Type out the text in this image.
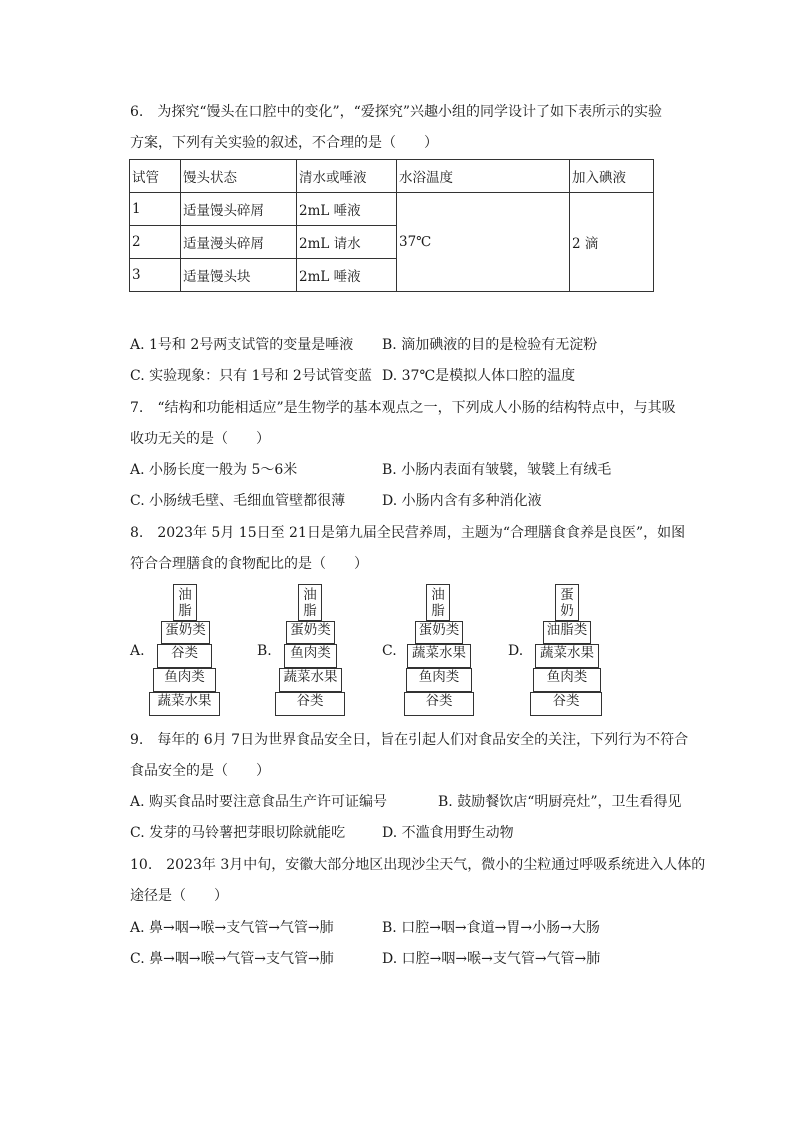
6.　为探究“馒头在口腔中的变化”，“爱探究”兴趣小组的同学设计了如下表所示的实验
方案，下列有关实验的叙述，不合理的是（　　）
试管	馒头状态	清水或唾液	水浴温度	加入碘液
1	适量馒头碎屑	2mL 唾液	37℃	2 滴
2	适量漫头碎屑	2mL 请水		
3	适量馒头块	2mL 唾液		
A. 1号和 2号两支试管的变量是唾液 B. 滴加碘液的目的是检验有无淀粉
C. 实验现象：只有 1号和 2号试管变蓝 D. 37℃是模拟人体口腔的温度
7.　“结构和功能相适应”是生物学的基本观点之一，下列成人小肠的结构特点中，与其吸
收功无关的是（　　）
A. 小肠长度一般为 5～6米	B. 小肠内表面有皱襞，皱襞上有绒毛
C. 小肠绒毛壁、毛细血管壁都很薄	D. 小肠内含有多种消化液
8.　2023年 5月 15日至 21日是第九届全民营养周，主题为“合理膳食食养是良医”，如图
符合合理膳食的食物配比的是（　　）
A.
油
脂
蛋奶类
谷类
鱼肉类
蔬菜水果
B.
油
脂
蛋奶类
鱼肉类
蔬菜水果
谷类
C.
油
脂
蛋奶类
蔬菜水果
鱼肉类
谷类
D.
蛋
奶
油脂类
蔬菜水果
鱼肉类
谷类
9.　每年的 6月 7日为世界食品安全日，旨在引起人们对食品安全的关注，下列行为不符合
食品安全的是（　　）
A. 购买食品时要注意食品生产许可证编号	B. 鼓励餐饮店“明厨亮灶”，卫生看得见
C. 发芽的马铃薯把芽眼切除就能吃	D. 不滥食用野生动物
10.　2023年 3月中旬，安徽大部分地区出现沙尘天气，微小的尘粒通过呼吸系统进入人体的
途径是（　　）
A. 鼻→咽→喉→支气管→气管→肺	B. 口腔→咽→食道→胃→小肠→大肠
C. 鼻→咽→喉→气管→支气管→肺	D. 口腔→咽→喉→支气管→气管→肺
